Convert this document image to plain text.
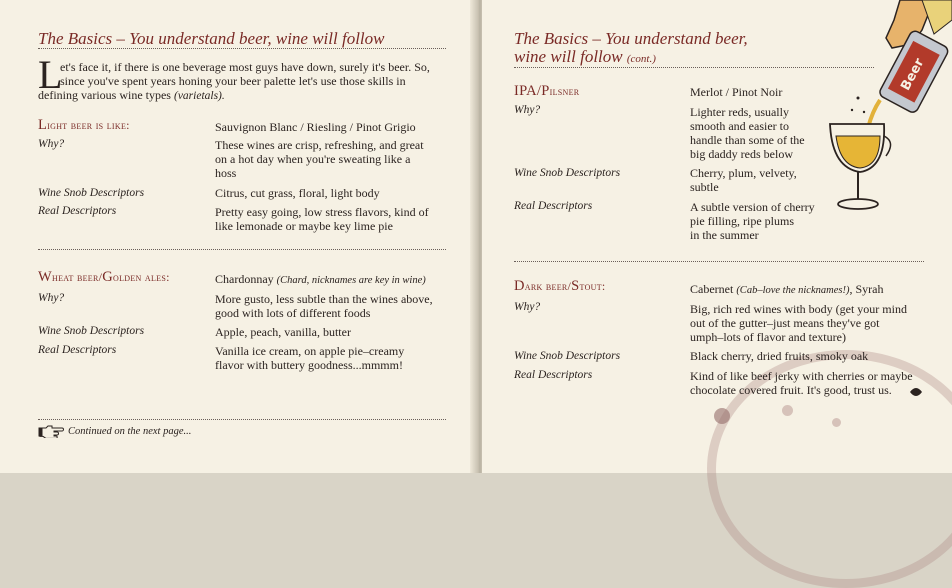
The Basics – You understand beer, wine will follow
L
et's face it, if there is one beverage most guys have down, surely it's beer. So,
since you've spent years honing your beer palette let's use those skills in
defining various wine types (varietals).
Light beer is like:	Sauvignon Blanc / Riesling / Pinot Grigio
Why?	These wines are crisp, refreshing, and great
on a hot day when you're sweating like a
hoss
Wine Snob Descriptors	Citrus, cut grass, floral, light body
Real Descriptors	Pretty easy going, low stress flavors, kind of
like lemonade or maybe key lime pie
Wheat beer/Golden ales:	Chardonnay (Chard, nicknames are key in wine)
Why?	More gusto, less subtle than the wines above,
good with lots of different foods
Wine Snob Descriptors	Apple, peach, vanilla, butter
Real Descriptors	Vanilla ice cream, on apple pie–creamy
flavor with buttery goodness...mmmm!
Continued on the next page...
The Basics – You understand beer,
wine will follow (cont.)
IPA/Pilsner	Merlot / Pinot Noir
Why?	Lighter reds, usually
smooth and easier to
handle than some of the
big daddy reds below
Wine Snob Descriptors	Cherry, plum, velvety,
subtle
Real Descriptors	A subtle version of cherry
pie filling, ripe plums
in the summer
Dark beer/Stout:	Cabernet (Cab–love the nicknames!), Syrah
Why?	Big, rich red wines with body (get your mind
out of the gutter–just means they've got
umph–lots of flavor and texture)
Wine Snob Descriptors	Black cherry, dried fruits, smoky oak
Real Descriptors	Kind of like beef jerky with cherries or maybe
chocolate covered fruit. It's good, trust us.
Beer
